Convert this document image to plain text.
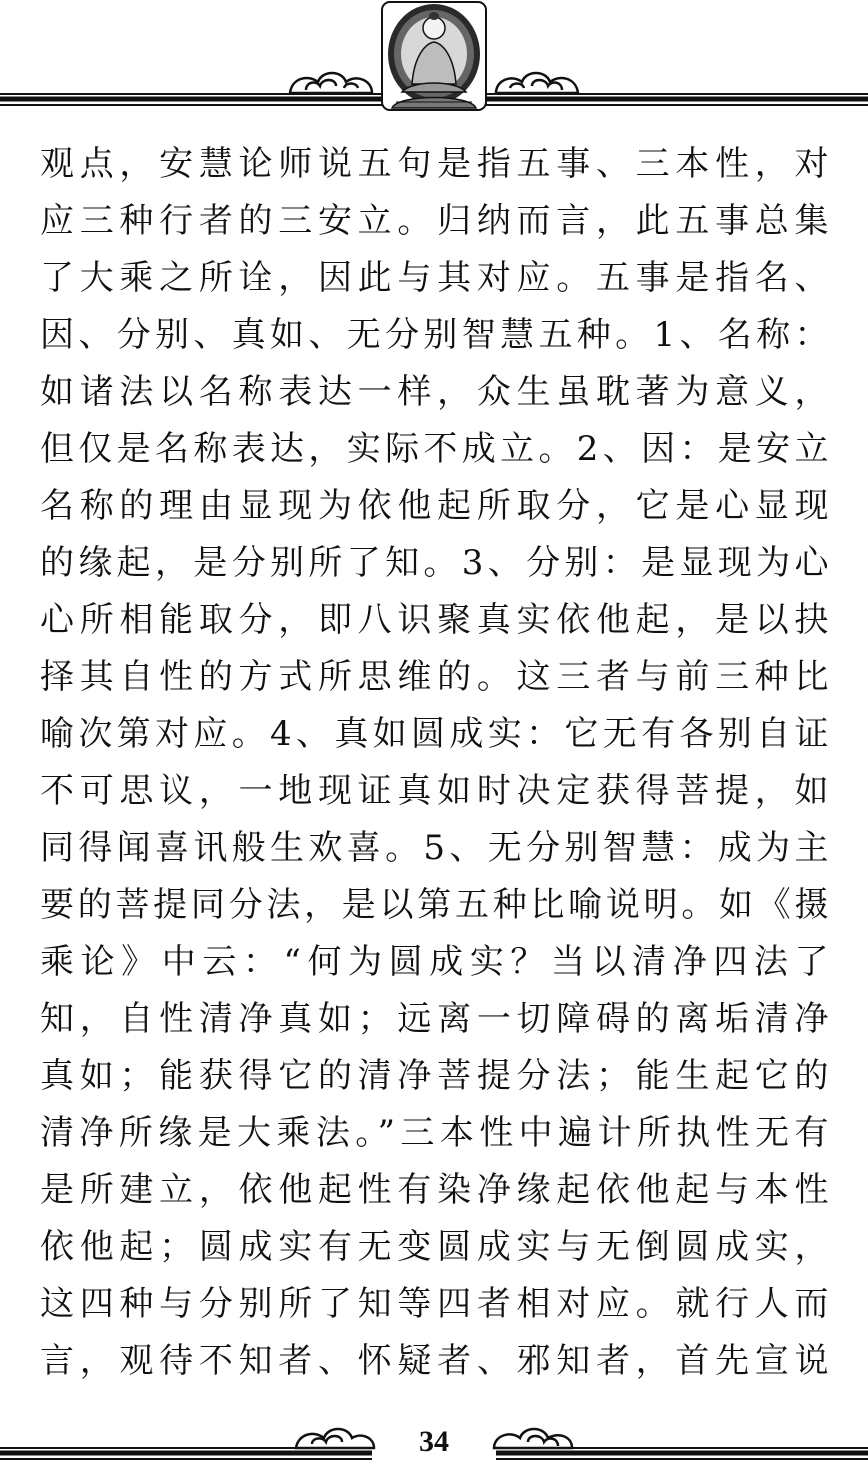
观点，安慧论师说五句是指五事、三本性，对
应三种行者的三安立。归纳而言，此五事总集
了大乘之所诠，因此与其对应。五事是指名、
因、分别、真如、无分别智慧五种。1、名称：
如诸法以名称表达一样，众生虽耽著为意义，
但仅是名称表达，实际不成立。2、因：是安立
名称的理由显现为依他起所取分，它是心显现
的缘起，是分别所了知。3、分别：是显现为心
心所相能取分，即八识聚真实依他起，是以抉
择其自性的方式所思维的。这三者与前三种比
喻次第对应。4、真如圆成实：它无有各别自证
不可思议，一地现证真如时决定获得菩提，如
同得闻喜讯般生欢喜。5、无分别智慧：成为主
要的菩提同分法，是以第五种比喻说明。如《摄
乘论》中云：“何为圆成实？当以清净四法了
知，自性清净真如；远离一切障碍的离垢清净
真如；能获得它的清净菩提分法；能生起它的
清净所缘是大乘法。”三本性中遍计所执性无有
是所建立，依他起性有染净缘起依他起与本性
依他起；圆成实有无变圆成实与无倒圆成实，
这四种与分别所了知等四者相对应。就行人而
言，观待不知者、怀疑者、邪知者，首先宣说
34
